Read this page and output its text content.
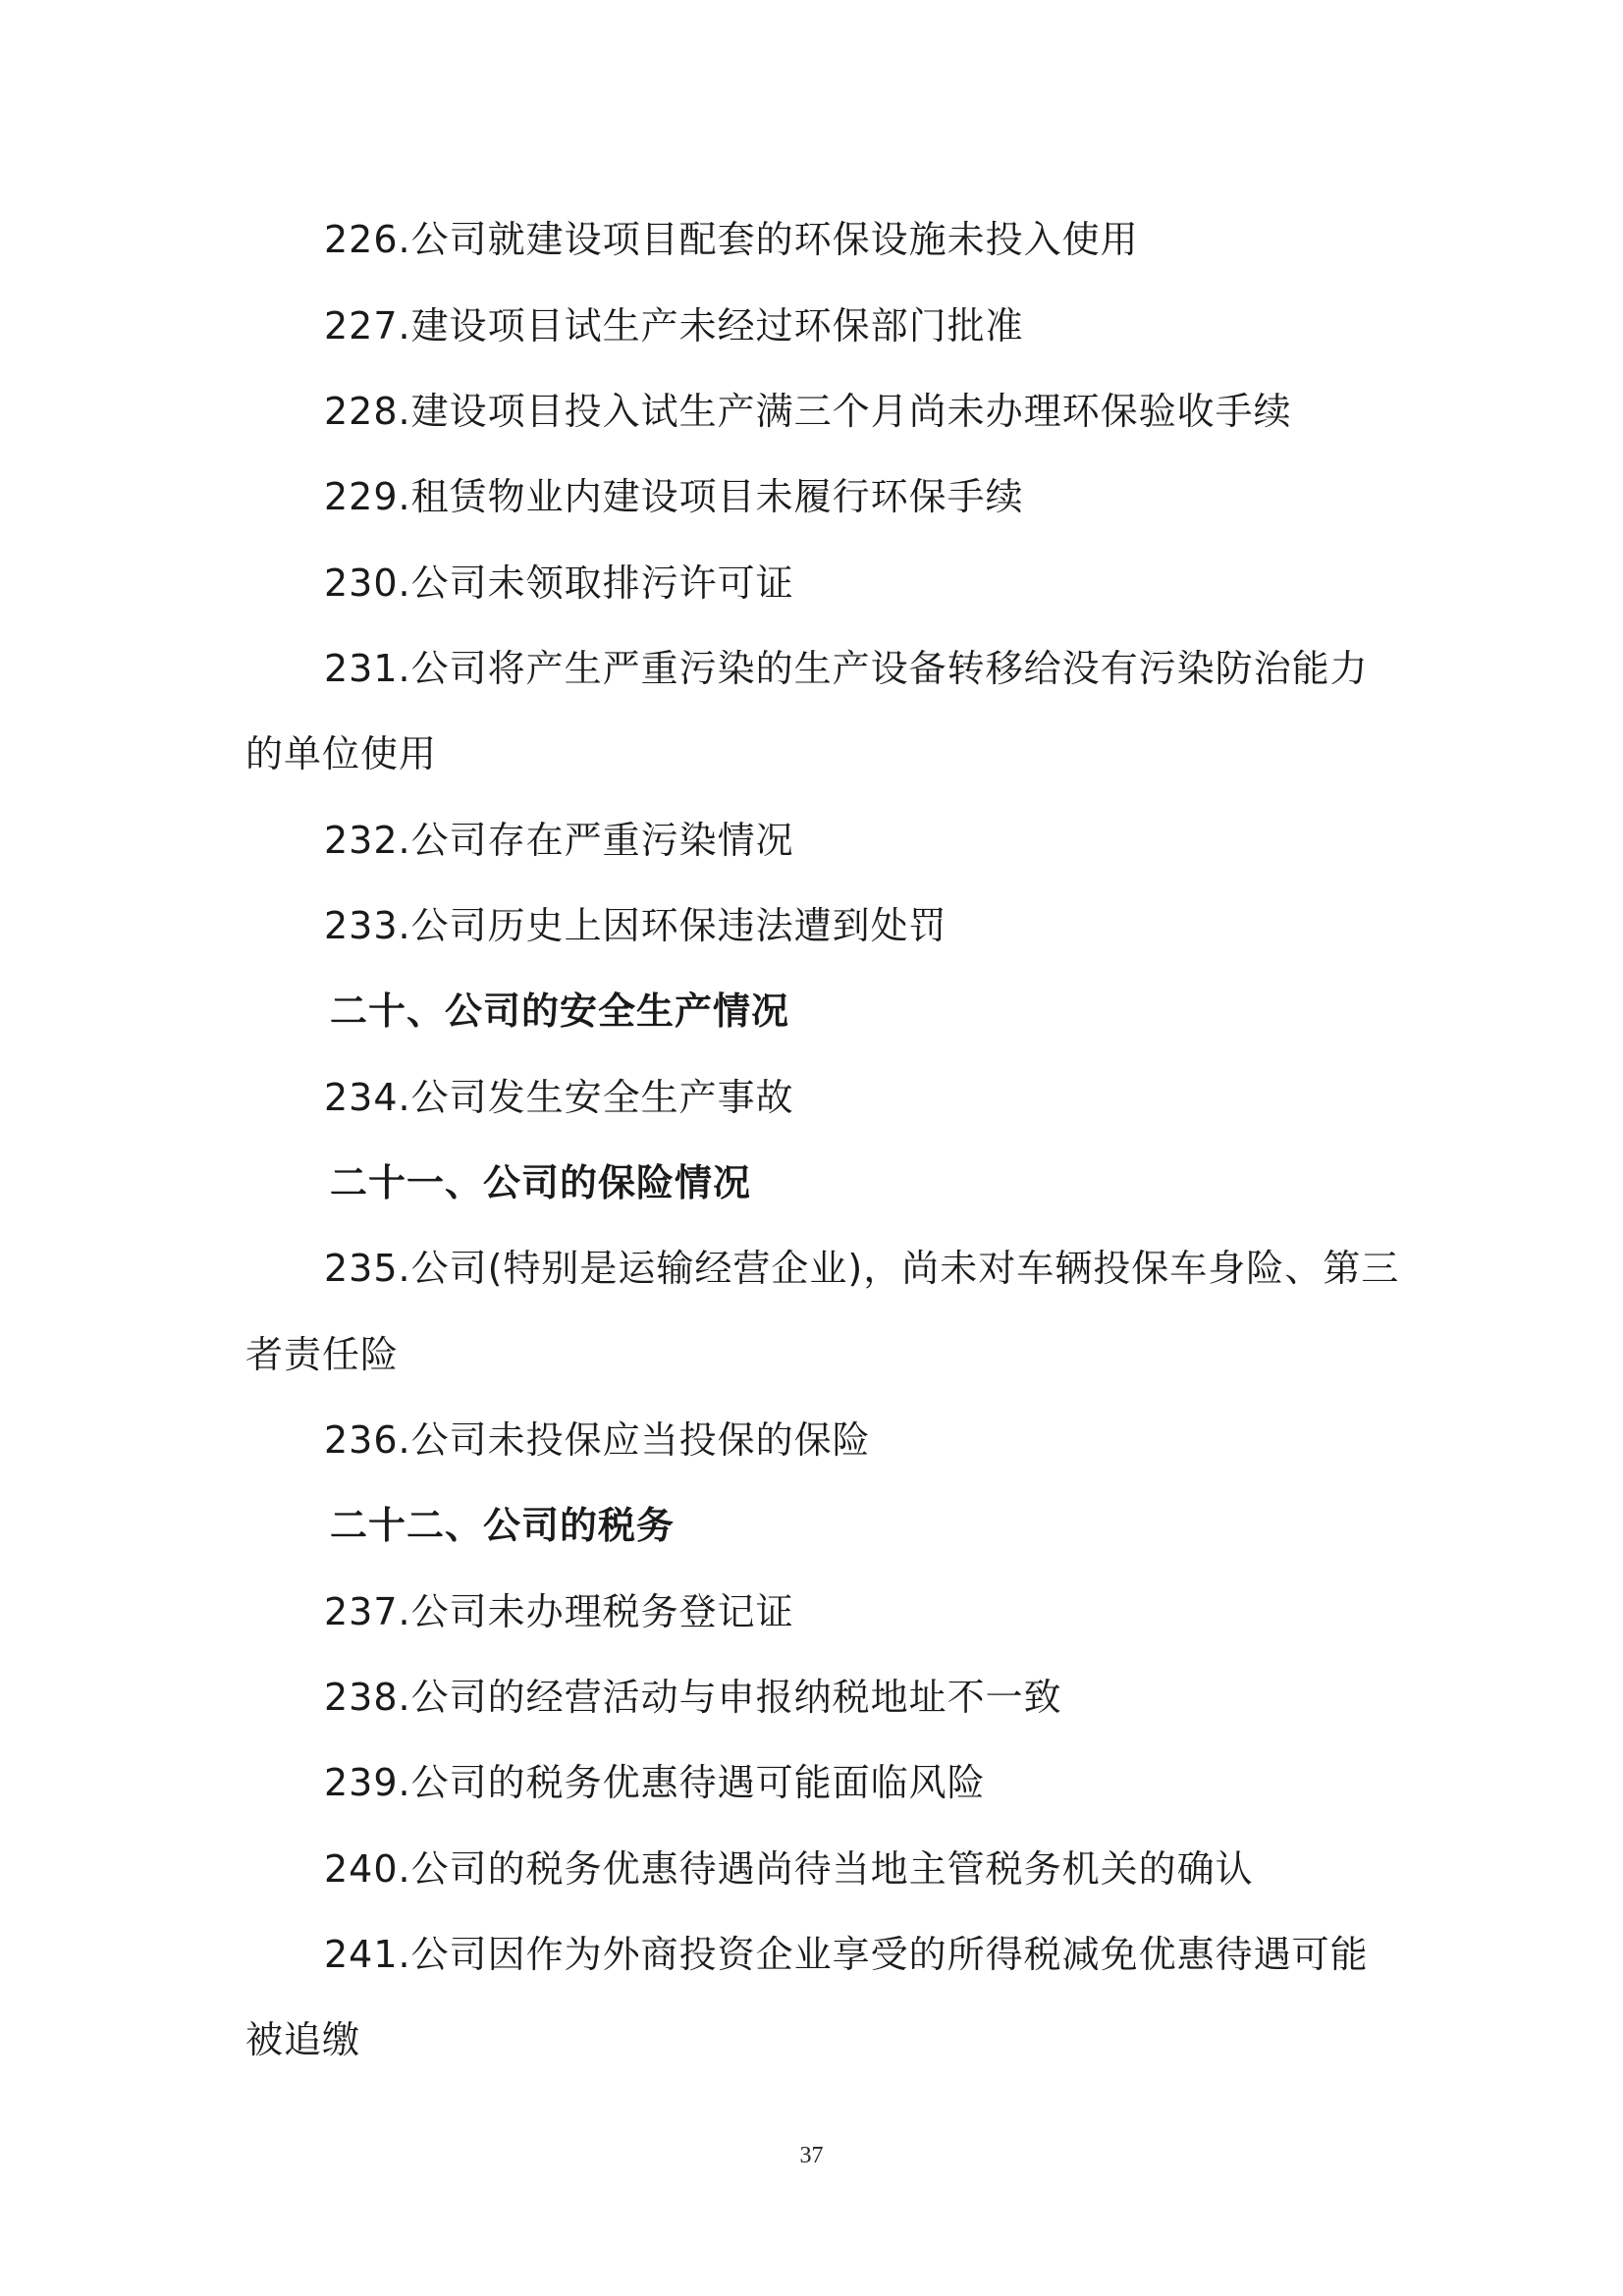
226.公司就建设项目配套的环保设施未投入使用
227.建设项目试生产未经过环保部门批准
228.建设项目投入试生产满三个月尚未办理环保验收手续
229.租赁物业内建设项目未履行环保手续
230.公司未领取排污许可证
231.公司将产生严重污染的生产设备转移给没有污染防治能力
的单位使用
232.公司存在严重污染情况
233.公司历史上因环保违法遭到处罚
二十、公司的安全生产情况
234.公司发生安全生产事故
二十一、公司的保险情况
235.公司(特别是运输经营企业)，尚未对车辆投保车身险、第三
者责任险
236.公司未投保应当投保的保险
二十二、公司的税务
237.公司未办理税务登记证
238.公司的经营活动与申报纳税地址不一致
239.公司的税务优惠待遇可能面临风险
240.公司的税务优惠待遇尚待当地主管税务机关的确认
241.公司因作为外商投资企业享受的所得税减免优惠待遇可能
被追缴
37
